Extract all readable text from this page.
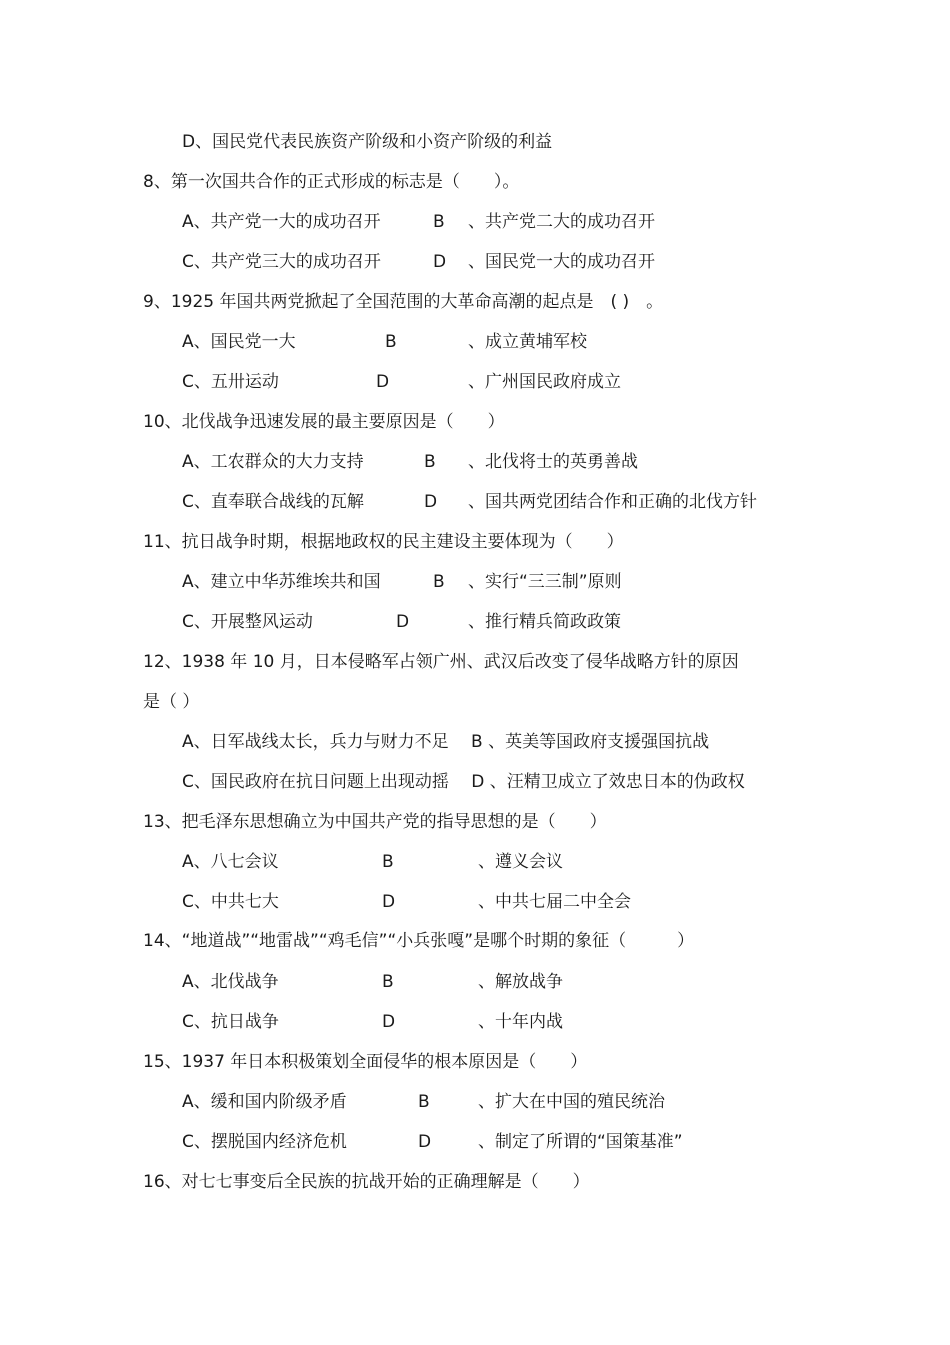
D、国民党代表民族资产阶级和小资产阶级的利益
8、第一次国共合作的正式形成的标志是（　　）。
A、共产党一大的成功召开	B 、共产党二大的成功召开
C、共产党三大的成功召开	D 、国民党一大的成功召开
9、1925 年国共两党掀起了全国范围的大革命高潮的起点是　( )　。
A、国民党一大	B	、成立黄埔军校
C、五卅运动	D	、广州国民政府成立
10、北伐战争迅速发展的最主要原因是（　　）
A、工农群众的大力支持	B 、北伐将士的英勇善战
C、直奉联合战线的瓦解	D 、国共两党团结合作和正确的北伐方针
11、抗日战争时期，根据地政权的民主建设主要体现为（　　）
A、建立中华苏维埃共和国	B 、实行“三三制”原则
C、开展整风运动	D	、推行精兵简政政策
12、1938 年 10 月，日本侵略军占领广州、武汉后改变了侵华战略方针的原因
是（ ）
A、日军战线太长，兵力与财力不足　 B 、英美等国政府支援强国抗战
C、国民政府在抗日问题上出现动摇　 D 、汪精卫成立了效忠日本的伪政权
13、把毛泽东思想确立为中国共产党的指导思想的是（　　）
A、八七会议	B	、遵义会议
C、中共七大	D	、中共七届二中全会
14、“地道战”“地雷战”“鸡毛信”“小兵张嘎”是哪个时期的象征（　　　）
A、北伐战争	B	、解放战争
C、抗日战争	D	、十年内战
15、1937 年日本积极策划全面侵华的根本原因是（　　）
A、缓和国内阶级矛盾	B	、扩大在中国的殖民统治
C、摆脱国内经济危机	D	、制定了所谓的“国策基准”
16、对七七事变后全民族的抗战开始的正确理解是（　　）
